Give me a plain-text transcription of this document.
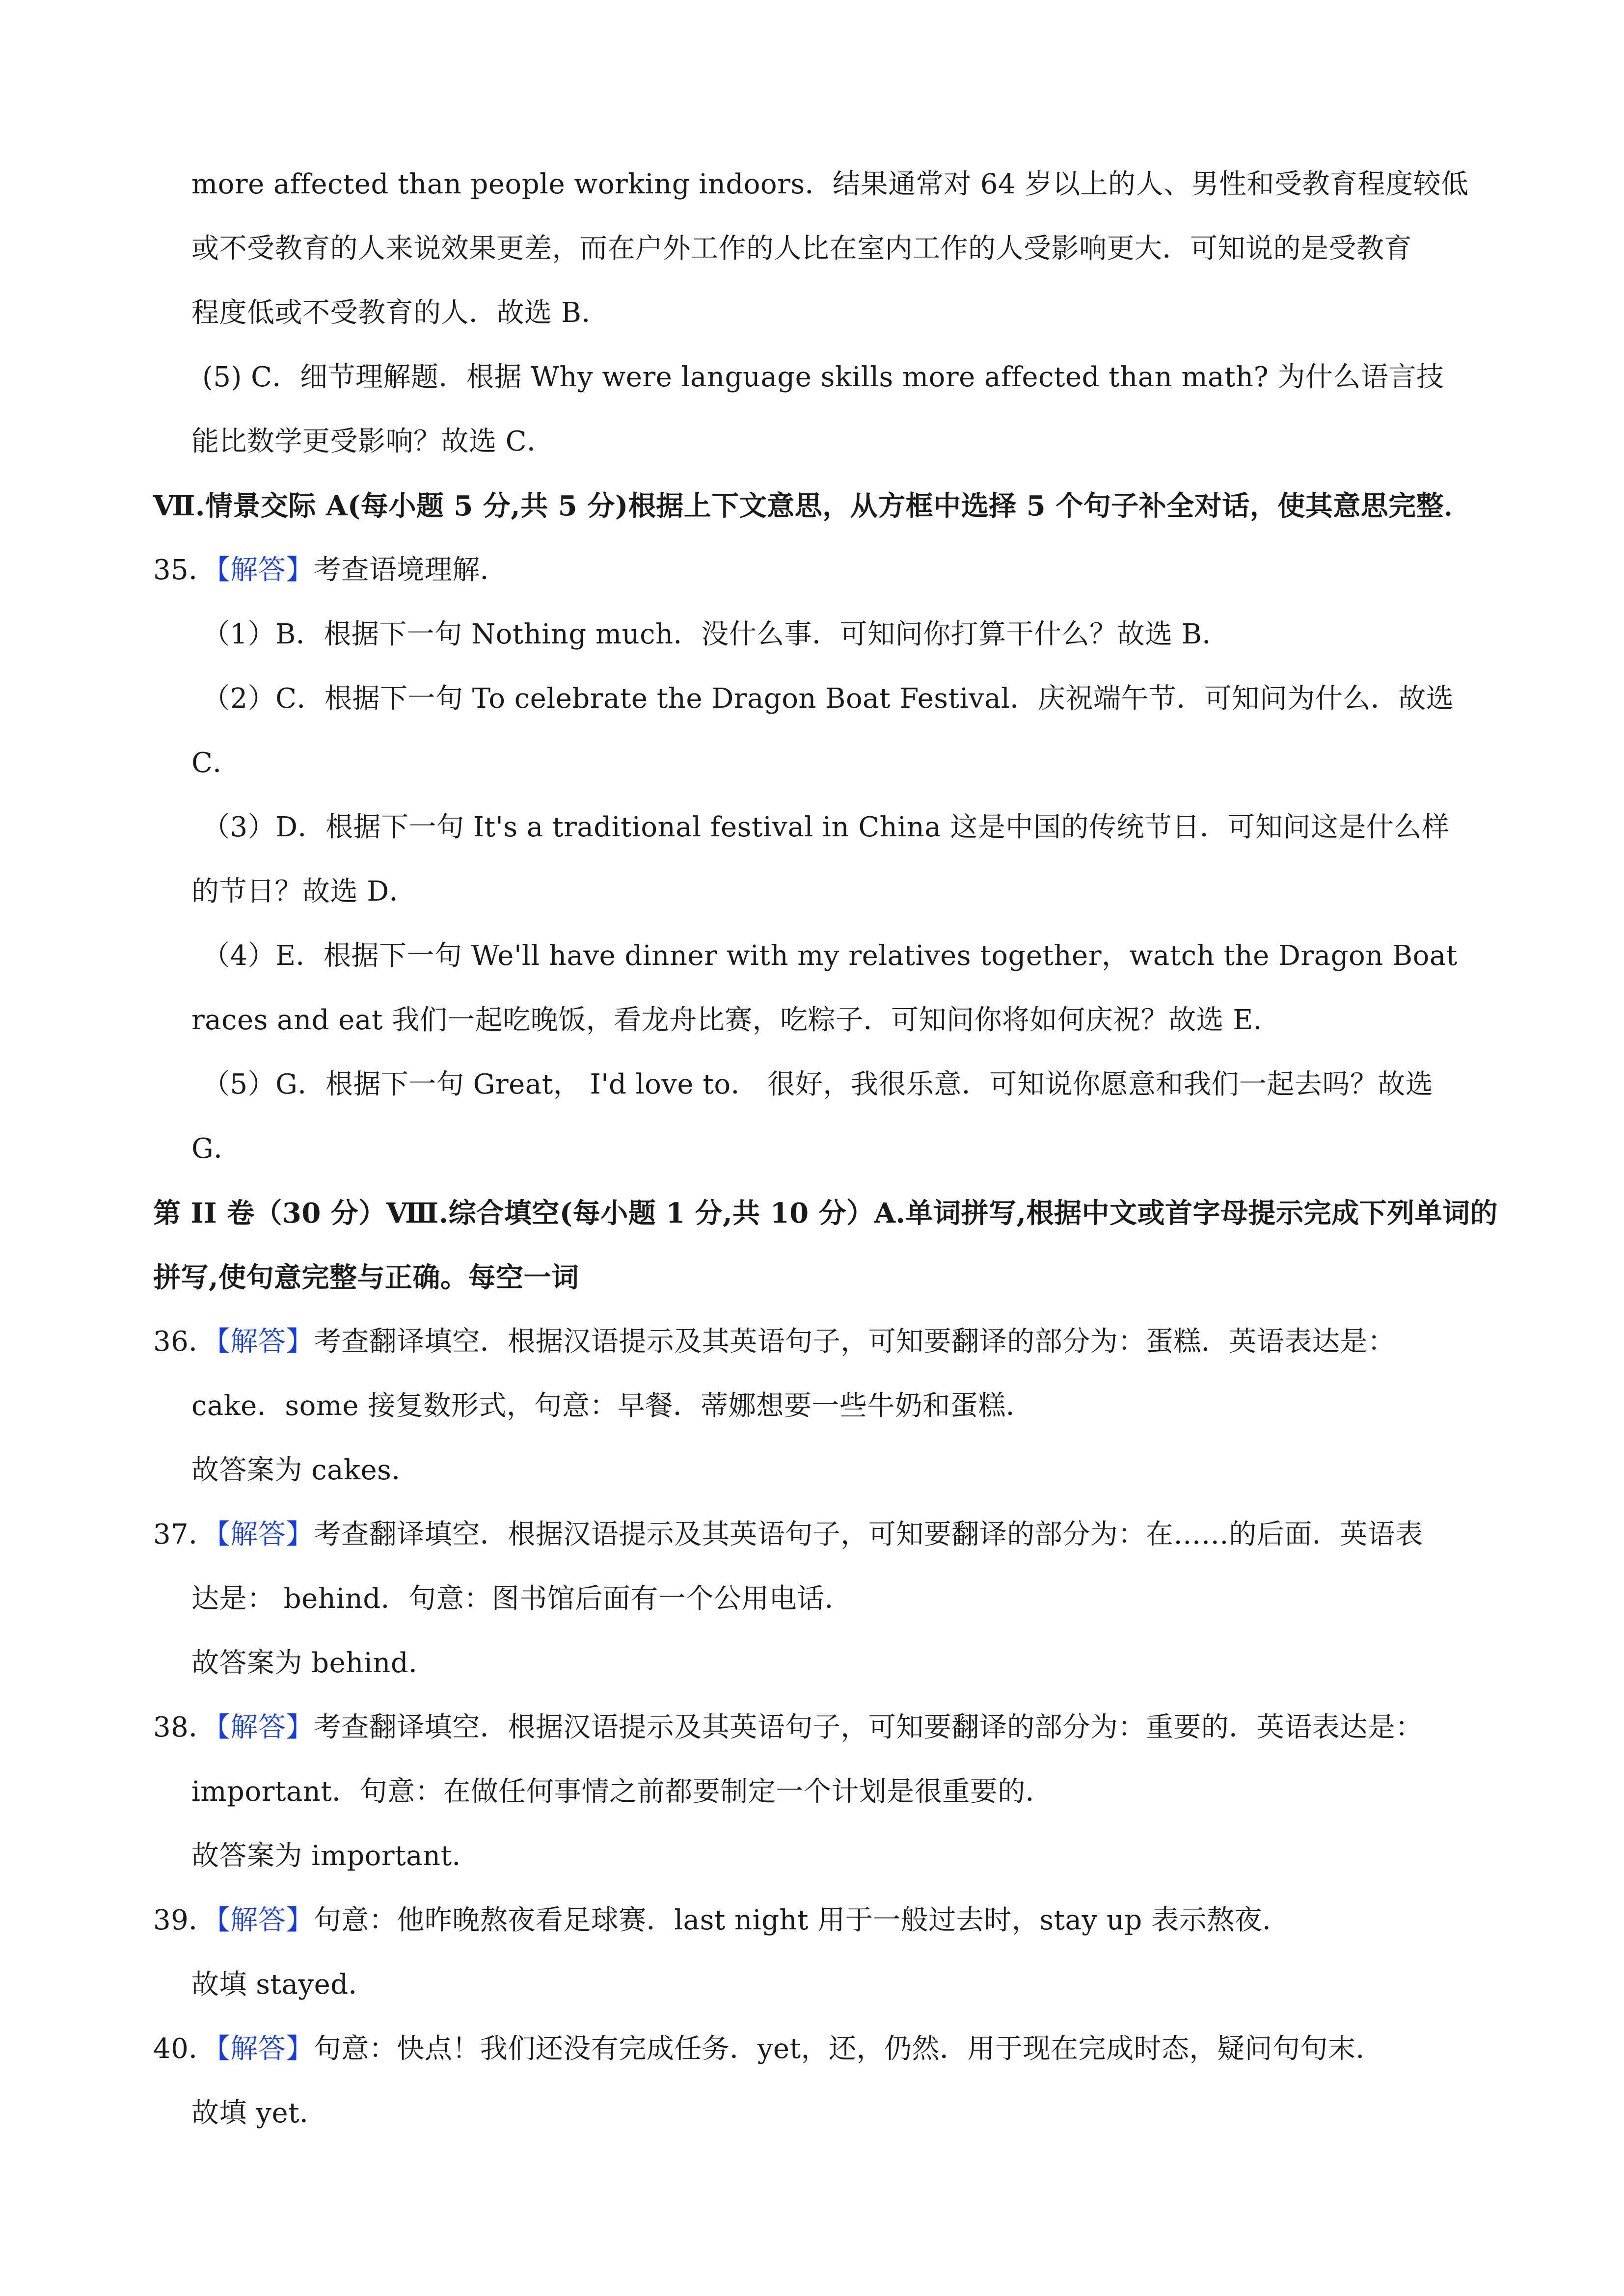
more affected than people working indoors．结果通常对 64 岁以上的人、男性和受教育程度较低
或不受教育的人来说效果更差，而在户外工作的人比在室内工作的人受影响更大．可知说的是受教育
程度低或不受教育的人．故选 B．
(5) C．细节理解题．根据 Why were language skills more affected than math? 为什么语言技
能比数学更受影响？故选 C．
Ⅶ.情景交际 A(每小题 5 分,共 5 分)根据上下文意思，从方框中选择 5 个句子补全对话，使其意思完整．
35．【解答】考查语境理解．
（1）B．根据下一句 Nothing much．没什么事．可知问你打算干什么？故选 B．
（2）C．根据下一句 To celebrate the Dragon Boat Festival．庆祝端午节．可知问为什么．故选
C．
（3）D．根据下一句 It's a traditional festival in China 这是中国的传统节日．可知问这是什么样
的节日？故选 D．
（4）E．根据下一句 We'll have dinner with my relatives together，watch the Dragon Boat
races and eat 我们一起吃晚饭，看龙舟比赛，吃粽子．可知问你将如何庆祝？故选 E．
（5）G．根据下一句 Great， I'd love to． 很好，我很乐意．可知说你愿意和我们一起去吗？故选
G．
第 II 卷（30 分）Ⅷ.综合填空(每小题 1 分,共 10 分）A.单词拼写,根据中文或首字母提示完成下列单词的
拼写,使句意完整与正确。每空一词
36．【解答】考查翻译填空．根据汉语提示及其英语句子，可知要翻译的部分为：蛋糕．英语表达是：
cake．some 接复数形式，句意：早餐．蒂娜想要一些牛奶和蛋糕．
故答案为 cakes．
37．【解答】考查翻译填空．根据汉语提示及其英语句子，可知要翻译的部分为：在……的后面．英语表
达是： behind．句意：图书馆后面有一个公用电话．
故答案为 behind．
38．【解答】考查翻译填空．根据汉语提示及其英语句子，可知要翻译的部分为：重要的．英语表达是：
important．句意：在做任何事情之前都要制定一个计划是很重要的．
故答案为 important．
39．【解答】句意：他昨晚熬夜看足球赛．last night 用于一般过去时，stay up 表示熬夜．
故填 stayed．
40．【解答】句意：快点！我们还没有完成任务．yet，还，仍然．用于现在完成时态，疑问句句末．
故填 yet．
